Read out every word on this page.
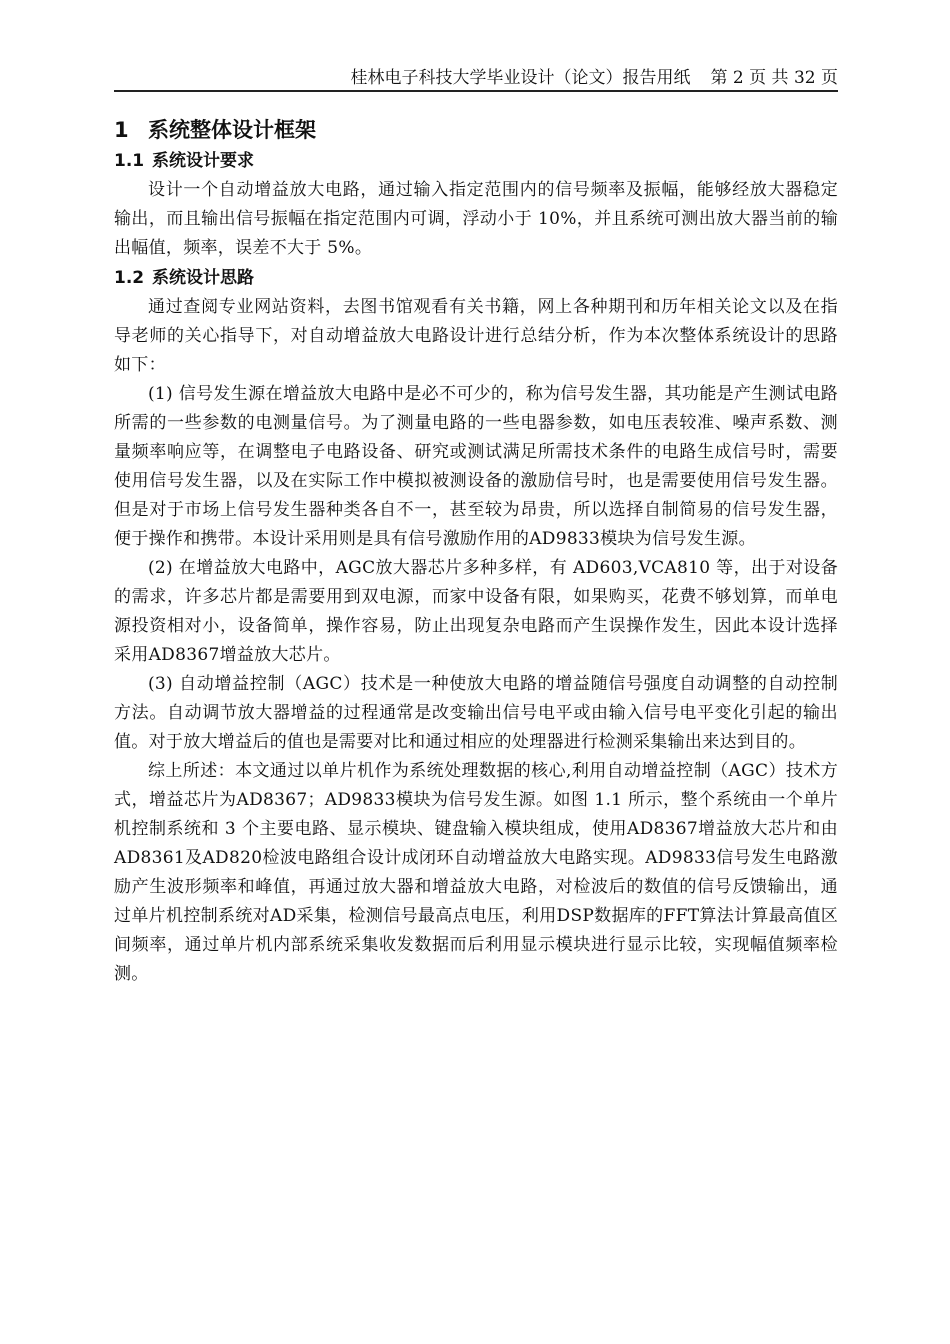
桂林电子科技大学毕业设计（论文）报告用纸 第 2 页 共 32 页
1 系统整体设计框架
1.1 系统设计要求

设计一个自动增益放大电路，通过输入指定范围内的信号频率及振幅，能够经放大器稳定输出，而且输出信号振幅在指定范围内可调，浮动小于 10%，并且系统可测出放大器当前的输出幅值，频率，误差不大于 5%。

1.2 系统设计思路

通过查阅专业网站资料，去图书馆观看有关书籍，网上各种期刊和历年相关论文以及在指导老师的关心指导下，对自动增益放大电路设计进行总结分析，作为本次整体系统设计的思路如下：

(1) 信号发生源在增益放大电路中是必不可少的，称为信号发生器，其功能是产生测试电路所需的一些参数的电测量信号。为了测量电路的一些电器参数，如电压表较准、噪声系数、测量频率响应等，在调整电子电路设备、研究或测试满足所需技术条件的电路生成信号时，需要使用信号发生器，以及在实际工作中模拟被测设备的激励信号时，也是需要使用信号发生器。但是对于市场上信号发生器种类各自不一，甚至较为昂贵，所以选择自制简易的信号发生器，便于操作和携带。本设计采用则是具有信号激励作用的AD9833模块为信号发生源。

(2) 在增益放大电路中，AGC放大器芯片多种多样，有 AD603,VCA810 等，出于对设备的需求，许多芯片都是需要用到双电源，而家中设备有限，如果购买，花费不够划算，而单电源投资相对小，设备简单，操作容易，防止出现复杂电路而产生误操作发生，因此本设计选择采用AD8367增益放大芯片。

(3) 自动增益控制（AGC）技术是一种使放大电路的增益随信号强度自动调整的自动控制方法。自动调节放大器增益的过程通常是改变输出信号电平或由输入信号电平变化引起的输出值。对于放大增益后的值也是需要对比和通过相应的处理器进行检测采集输出来达到目的。

综上所述：本文通过以单片机作为系统处理数据的核心,利用自动增益控制（AGC）技术方式，增益芯片为AD8367；AD9833模块为信号发生源。如图 1.1 所示，整个系统由一个单片机控制系统和 3 个主要电路、显示模块、键盘输入模块组成，使用AD8367增益放大芯片和由AD8361及AD820检波电路组合设计成闭环自动增益放大电路实现。AD9833信号发生电路激励产生波形频率和峰值，再通过放大器和增益放大电路，对检波后的数值的信号反馈输出，通过单片机控制系统对AD采集，检测信号最高点电压，利用DSP数据库的FFT算法计算最高值区间频率，通过单片机内部系统采集收发数据而后利用显示模块进行显示比较，实现幅值频率检测。
